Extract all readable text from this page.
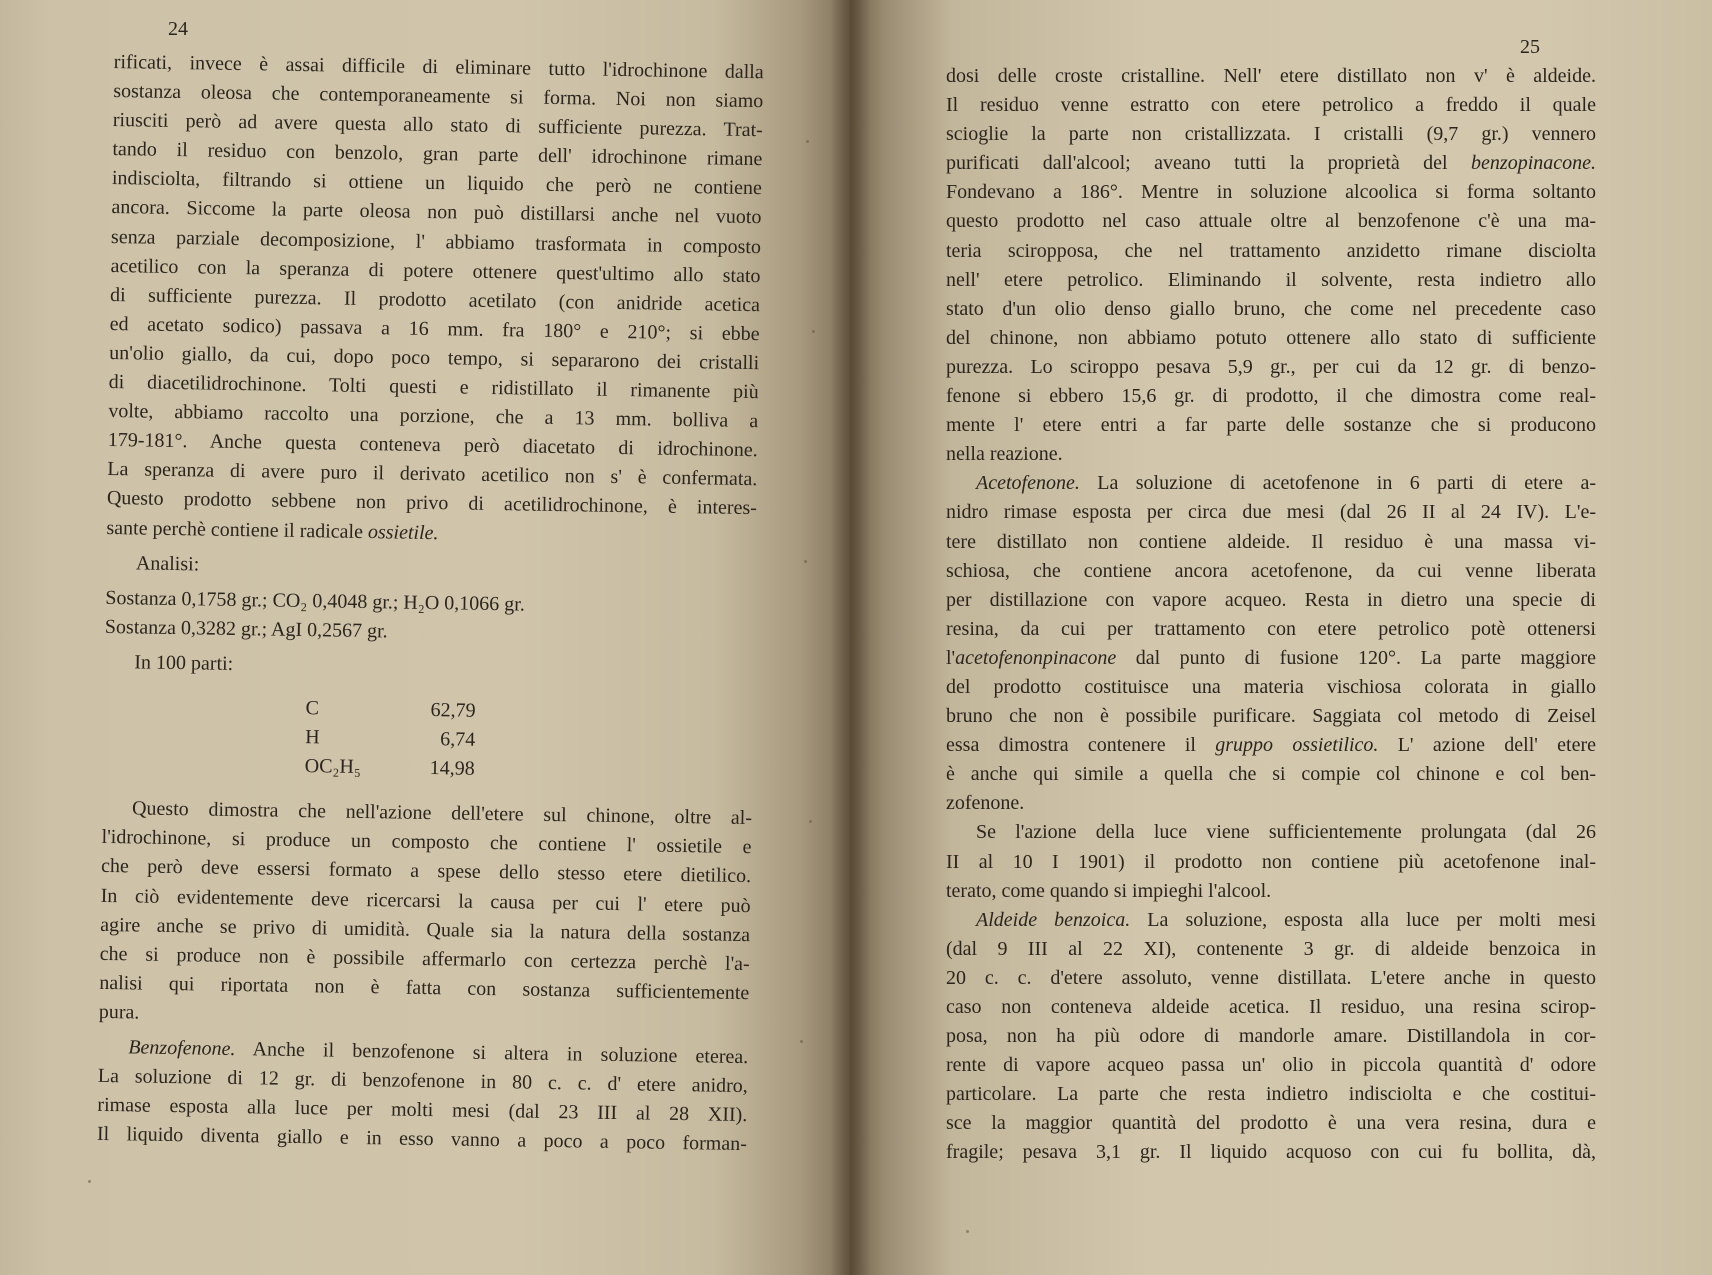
24
rificati, invece è assai difficile di eliminare tutto l'idrochinone dalla
sostanza oleosa che contemporaneamente si forma. Noi non siamo
riusciti però ad avere questa allo stato di sufficiente purezza. Trat-
tando il residuo con benzolo, gran parte dell' idrochinone rimane
indisciolta, filtrando si ottiene un liquido che però ne contiene
ancora. Siccome la parte oleosa non può distillarsi anche nel vuoto
senza parziale decomposizione, l' abbiamo trasformata in composto
acetilico con la speranza di potere ottenere quest'ultimo allo stato
di sufficiente purezza. Il prodotto acetilato (con anidride acetica
ed acetato sodico) passava a 16 mm. fra 180° e 210°; si ebbe
un'olio giallo, da cui, dopo poco tempo, si separarono dei cristalli
di diacetilidrochinone. Tolti questi e ridistillato il rimanente più
volte, abbiamo raccolto una porzione, che a 13 mm. bolliva a
179-181°. Anche questa conteneva però diacetato di idrochinone.
La speranza di avere puro il derivato acetilico non s' è confermata.
Questo prodotto sebbene non privo di acetilidrochinone, è interes-
sante perchè contiene il radicale ossietile.
Analisi:
Sostanza 0,1758 gr.; CO₂ 0,4048 gr.; H₂O 0,1066 gr.
Sostanza 0,3282 gr.; AgI 0,2567 gr.
In 100 parti:
C	62,79
H	6,74
OC₂H₅	14,98
Questo dimostra che nell'azione dell'etere sul chinone, oltre al-
l'idrochinone, si produce un composto che contiene l' ossietile e
che però deve essersi formato a spese dello stesso etere dietilico.
In ciò evidentemente deve ricercarsi la causa per cui l' etere può
agire anche se privo di umidità. Quale sia la natura della sostanza
che si produce non è possibile affermarlo con certezza perchè l'a-
nalisi qui riportata non è fatta con sostanza sufficientemente
pura.
Benzofenone. Anche il benzofenone si altera in soluzione eterea.
La soluzione di 12 gr. di benzofenone in 80 c. c. d' etere anidro,
rimase esposta alla luce per molti mesi (dal 23 III al 28 XII).
Il liquido diventa giallo e in esso vanno a poco a poco forman-
25
dosi delle croste cristalline. Nell' etere distillato non v' è aldeide.
Il residuo venne estratto con etere petrolico a freddo il quale
scioglie la parte non cristallizzata. I cristalli (9,7 gr.) vennero
purificati dall'alcool; aveano tutti la proprietà del benzopinacone.
Fondevano a 186°. Mentre in soluzione alcoolica si forma soltanto
questo prodotto nel caso attuale oltre al benzofenone c'è una ma-
teria sciropposa, che nel trattamento anzidetto rimane disciolta
nell' etere petrolico. Eliminando il solvente, resta indietro allo
stato d'un olio denso giallo bruno, che come nel precedente caso
del chinone, non abbiamo potuto ottenere allo stato di sufficiente
purezza. Lo sciroppo pesava 5,9 gr., per cui da 12 gr. di benzo-
fenone si ebbero 15,6 gr. di prodotto, il che dimostra come real-
mente l' etere entri a far parte delle sostanze che si producono
nella reazione.
Acetofenone. La soluzione di acetofenone in 6 parti di etere a-
nidro rimase esposta per circa due mesi (dal 26 II al 24 IV). L'e-
tere distillato non contiene aldeide. Il residuo è una massa vi-
schiosa, che contiene ancora acetofenone, da cui venne liberata
per distillazione con vapore acqueo. Resta in dietro una specie di
resina, da cui per trattamento con etere petrolico potè ottenersi
l'acetofenonpinacone dal punto di fusione 120°. La parte maggiore
del prodotto costituisce una materia vischiosa colorata in giallo
bruno che non è possibile purificare. Saggiata col metodo di Zeisel
essa dimostra contenere il gruppo ossietilico. L' azione dell' etere
è anche qui simile a quella che si compie col chinone e col ben-
zofenone.
Se l'azione della luce viene sufficientemente prolungata (dal 26
II al 10 I 1901) il prodotto non contiene più acetofenone inal-
terato, come quando si impieghi l'alcool.
Aldeide benzoica. La soluzione, esposta alla luce per molti mesi
(dal 9 III al 22 XI), contenente 3 gr. di aldeide benzoica in
20 c. c. d'etere assoluto, venne distillata. L'etere anche in questo
caso non conteneva aldeide acetica. Il residuo, una resina scirop-
posa, non ha più odore di mandorle amare. Distillandola in cor-
rente di vapore acqueo passa un' olio in piccola quantità d' odore
particolare. La parte che resta indietro indisciolta e che costitui-
sce la maggior quantità del prodotto è una vera resina, dura e
fragile; pesava 3,1 gr. Il liquido acquoso con cui fu bollita, dà,
